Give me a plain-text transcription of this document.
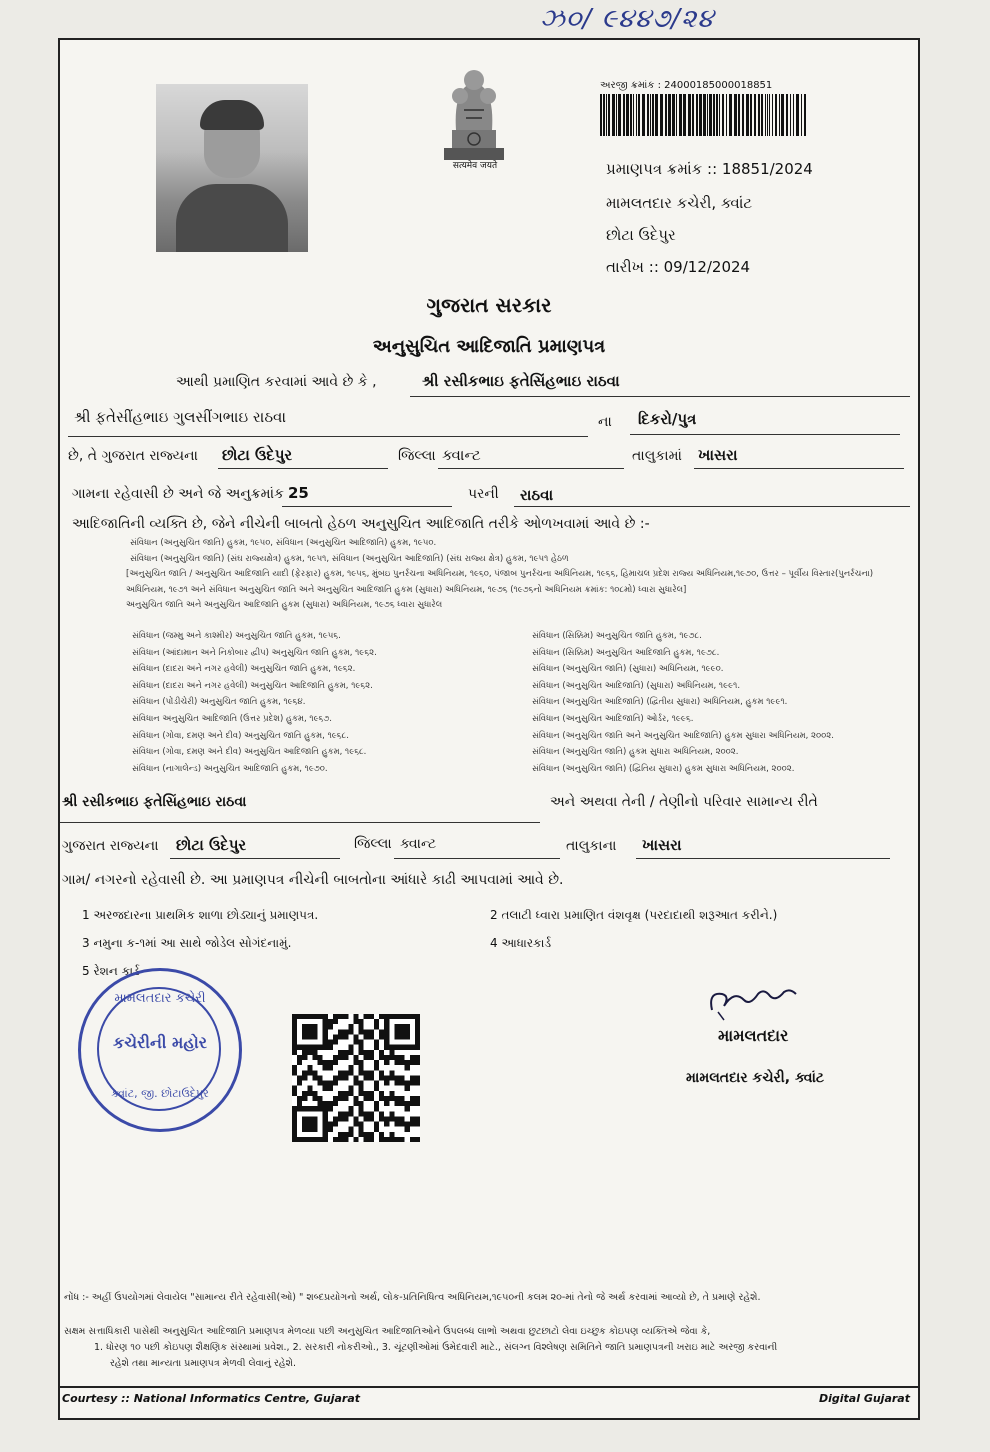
ઝ૦/ ૯૪૪૭/૨૪
सत्यमेव जयते
અરજી ક્રમાંક : 24000185000018851
પ્રમાણપત્ર ક્રમાંક :: 18851/2024
મામલતદાર કચેરી, ક્વાંટ
છોટા ઉદેપુર
તારીખ :: 09/12/2024
ગુજરાત સરકાર
અનુસુચિત આદિજાતિ પ્રમાણપત્ર
આથી પ્રમાણિત કરવામાં આવે છે કે ,	શ્રી રસીકભાઇ ફતેસિંહભાઇ રાઠવા
શ્રી ફતેસીંહભાઇ ગુલસીંગભાઇ રાઠવા	ના દિકરો/પુત્ર
છે, તે ગુજરાત રાજ્યના છોટા ઉદેપુર	જિલ્લા ક્વાન્ટ	તાલુકામાં ખાસરા
ગામના રહેવાસી છે અને જે અનુક્રમાંક 25	પરની રાઠવા
આદિજાતિની વ્યક્તિ છે, જેને નીચેની બાબતો હેઠળ અનુસુચિત આદિજાતિ તરીકે ઓળખવામાં આવે છે :-
સંવિધાન (અનુસુચિત જાતિ) હુકમ, ૧૯૫૦, સંવિધાન (અનુસુચિત આદિજાતિ) હુકમ, ૧૯૫૦.
સંવિધાન (અનુસુચિત જાતિ) (સંઘ રાજ્યક્ષેત્ર) હુકમ, ૧૯૫૧, સંવિધાન (અનુસુચિત આદિજાતિ) (સંઘ રાજ્ય ક્ષેત્ર) હુકમ, ૧૯૫૧ હેઠળ
[અનુસુચિત જાતિ / અનુસુચિત આદિજાતિ યાદી (ફેરફાર) હુકમ, ૧૯૫૬, મુંબઇ પુનર્રચના અધિનિયમ, ૧૯૬૦, પંજાબ પુનર્રચના અધિનિયમ, ૧૯૬૬, હિમાચલ પ્રદેશ રાજ્ય અધિનિયમ,૧૯૭૦, ઉત્તર – પૂર્વીય વિસ્તાર(પુનર્રચના)
અધિનિયમ, ૧૯૭૧ અને સંવિધાન અનુસુચિત જાતિ અને અનુસુચિત આદિજાતિ હુકમ (સુધારા) અધિનિયમ, ૧૯૭૬ (૧૯૭૬નો અધિનિયમ ક્રમાંક: ૧૦૮મો) ધ્વારા સુધારેલ]
અનુસુચિત જાતિ અને અનુસુચિત આદિજાતિ હુકમ (સુધારા) અધિનિયમ, ૧૯૭૬ ધ્વારા સુધારેલ
સંવિધાન (જમ્મુ અને કાશ્મીર) અનુસુચિત જાતિ હુકમ, ૧૯૫૬.
સંવિધાન (આંદામાન અને નિકોબાર દ્વીપ) અનુસુચિત જાતિ હુકમ, ૧૯૬૨.
સંવિધાન (દાદરા અને નગર હવેલી) અનુસુચિત જાતિ હુકમ, ૧૯૬૨.
સંવિધાન (દાદરા અને નગર હવેલી) અનુસુચિત આદિજાતિ હુકમ, ૧૯૬૨.
સંવિધાન (પોંડીચેરી) અનુસુચિત જાતિ હુકમ, ૧૯૬૪.
સંવિધાન અનુસુચિત આદિજાતિ (ઉત્તર પ્રદેશ) હુકમ, ૧૯૬૭.
સંવિધાન (ગોવા, દમણ અને દીવ) અનુસુચિત જાતિ હુકમ, ૧૯૬૮.
સંવિધાન (ગોવા, દમણ અને દીવ) અનુસુચિત આદિજાતિ હુકમ, ૧૯૬૮.
સંવિધાન (નાગાલેન્ડ) અનુસુચિત આદિજાતિ હુકમ, ૧૯૭૦.
સંવિધાન (સિક્કિમ) અનુસુચિત જાતિ હુકમ, ૧૯૭૮.
સંવિધાન (સિક્કિમ) અનુસુચિત આદિજાતિ હુકમ, ૧૯૭૮.
સંવિધાન (અનુસુચિત જાતિ) (સુધારા) અધિનિયમ, ૧૯૯૦.
સંવિધાન (અનુસુચિત આદિજાતિ) (સુધારા) અધિનિયમ, ૧૯૯૧.
સંવિધાન (અનુસુચિત આદિજાતિ) (દ્વિતીય સુધારા) અધિનિયમ, હુકમ ૧૯૯૧.
સંવિધાન (અનુસુચિત આદિજાતિ) ઓર્ડર, ૧૯૯૬.
સંવિધાન (અનુસુચિત જાતિ અને અનુસુચિત આદિજાતિ) હુકમ સુધારા અધિનિયમ, ૨૦૦૨.
સંવિધાન (અનુસુચિત જાતિ) હુકમ સુધારા અધિનિયમ, ૨૦૦૨.
સંવિધાન (અનુસુચિત જાતિ) (દ્વિતિય સુધારા) હુકમ સુધારા અધિનિયમ, ૨૦૦૨.
શ્રી રસીકભાઇ ફતેસિંહભાઇ રાઠવા	અને અથવા તેની / તેણીનો પરિવાર સામાન્ય રીતે
ગુજરાત રાજ્યના છોટા ઉદેપુર	જિલ્લા ક્વાન્ટ	તાલુકાના ખાસરા
ગામ/ નગરનો રહેવાસી છે. આ પ્રમાણપત્ર નીચેની બાબતોના આંધારે કાઢી આપવામાં આવે છે.
1 અરજદારના પ્રાથમિક શાળા છોડ્યાનું પ્રમાણપત્ર.	2 તલાટી ધ્વારા પ્રમાણિત વંશવૃક્ષ (પરદાદાથી શરૂઆત કરીને.)
3 નમુના ક-૧માં આ સાથે જોડેલ સોગંદનામું.	4 આધારકાર્ડ
5 રેશન કાર્ડ
મામલતદાર કચેરી
કચેરીની મહોર
ક્વાંટ, જી. છોટાઉદેપુર
મામલતદાર
મામલતદાર કચેરી, ક્વાંટ
નોંધ :- અહીં ઉપયોગમાં લેવાયેલ "સામાન્ય રીતે રહેવાસી(ઓ) " શબ્દપ્રયોગનો અર્થ, લોક-પ્રતિનિધિત્વ અધિનિયમ,૧૯૫૦ની કલમ ૨૦-માં તેનો જે અર્થ કરવામાં આવ્યો છે, તે પ્રમાણે રહેશે.
સક્ષમ સત્તાધિકારી પાસેથી અનુસુચિત આદિજાતિ પ્રમાણપત્ર મેળવ્યા પછી અનુસુચિત આદિજાતિઓને ઉપલબ્ધ લાભો અથવા છુટછાટો લેવા ઇચ્છુક કોઇપણ વ્યક્તિએ જેવા કે,
1. ધોરણ ૧૦ પછી કોઇપણ શૈક્ષણિક સંસ્થામાં પ્રવેશ., 2. સરકારી નોકરીઓ., 3. ચૂંટણીઓમાં ઉમેદવારી માટે., સંલગ્ન વિશ્લેષણ સમિતિને જાતિ પ્રમાણપત્રની ખરાઇ માટે અરજી કરવાની
રહેશે તથા માન્યતા પ્રમાણપત્ર મેળવી લેવાનું રહેશે.
Courtesy :: National Informatics Centre, Gujarat	Digital Gujarat
